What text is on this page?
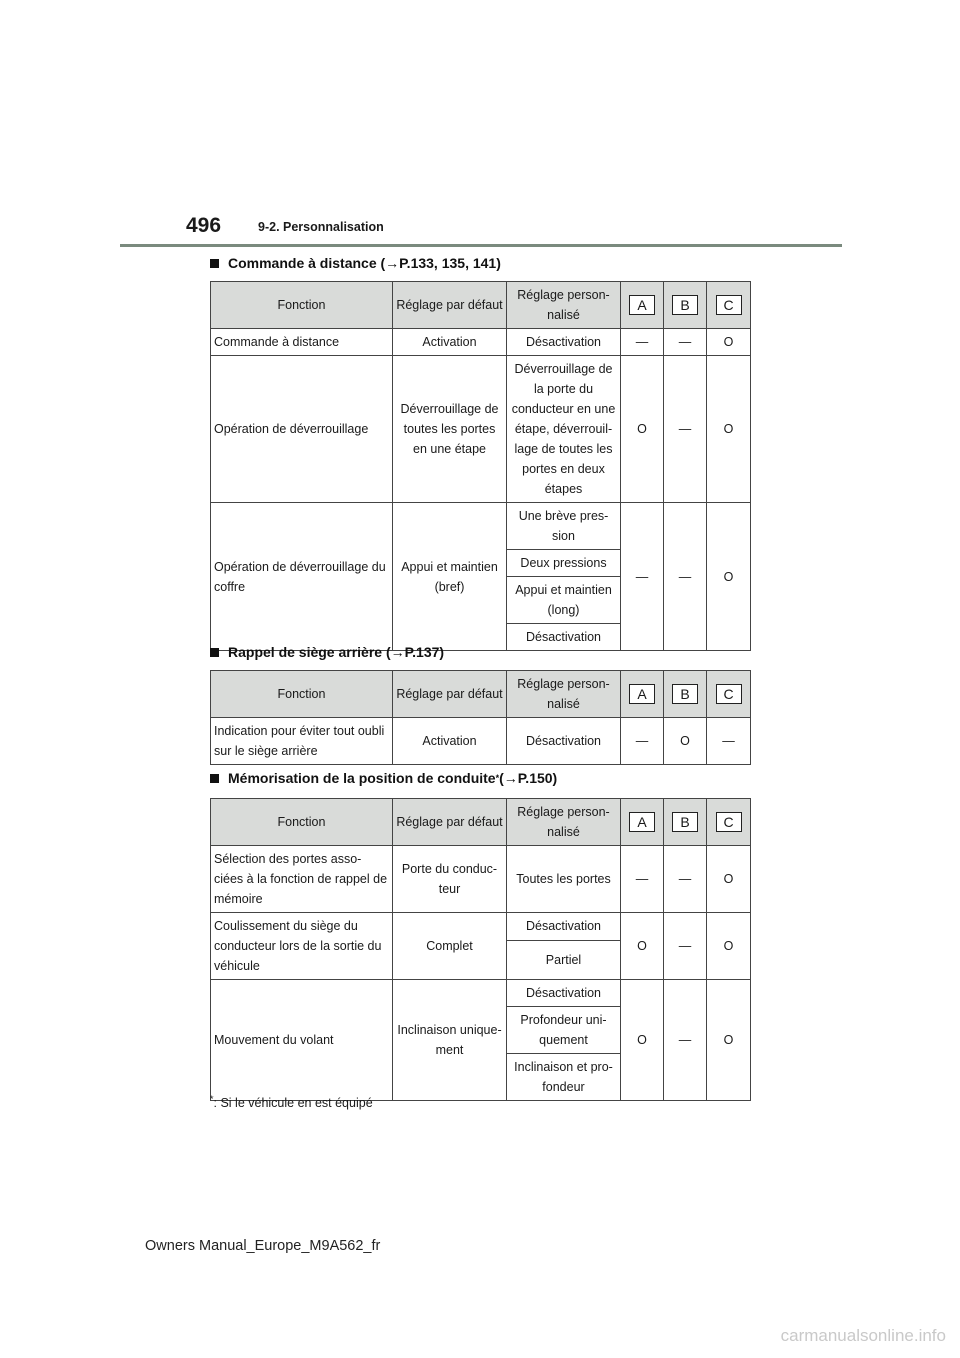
496	9-2. Personnalisation
Commande à distance (→P.133, 135, 141)
Fonction	Réglage par défaut	Réglage person-nalisé	A	B	C
Commande à distance	Activation	Désactivation	—	—	O
Opération de déverrouillage	Déverrouillage de toutes les portes en une étape	Déverrouillage de la porte du conducteur en une étape, déverrouil-lage de toutes les portes en deux étapes	O	—	O
Opération de déverrouillage du coffre	Appui et maintien (bref)	Une brève pres-sion	—	—	O
		Deux pressions			
		Appui et maintien (long)			
		Désactivation			
Rappel de siège arrière (→P.137)
Fonction	Réglage par défaut	Réglage person-nalisé	A	B	C
Indication pour éviter tout oubli sur le siège arrière	Activation	Désactivation	—	O	—
Mémorisation de la position de conduite * (→P.150)
Fonction	Réglage par défaut	Réglage person-nalisé	A	B	C
Sélection des portes asso-ciées à la fonction de rappel de mémoire	Porte du conduc-teur	Toutes les portes	—	—	O
Coulissement du siège du conducteur lors de la sortie du véhicule	Complet	Désactivation	O	—	O
		Partiel			
Mouvement du volant	Inclinaison unique-ment	Désactivation	O	—	O
		Profondeur uni-quement			
		Inclinaison et pro-fondeur			
*: Si le véhicule en est équipé
Owners Manual_Europe_M9A562_fr
carmanualsonline.info
